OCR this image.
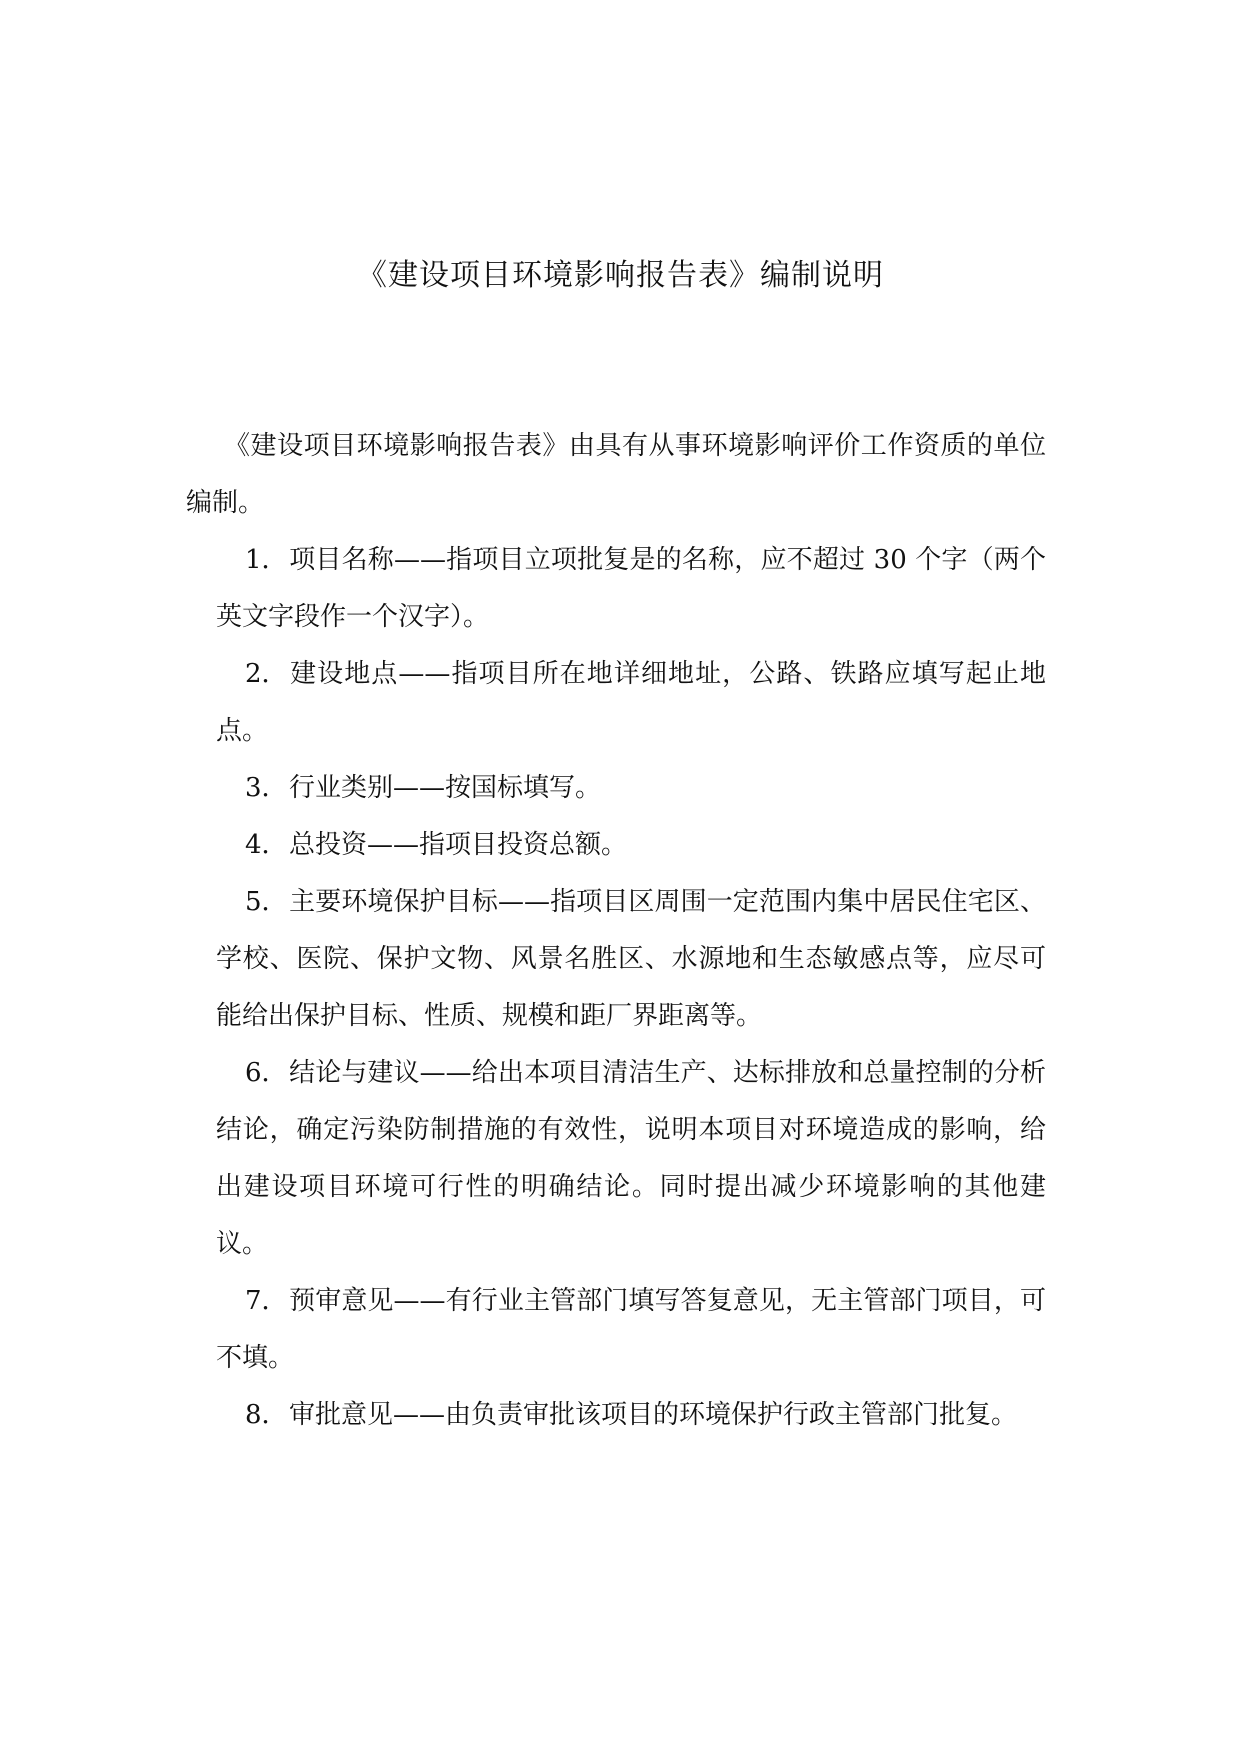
《建设项目环境影响报告表》编制说明

《建设项目环境影响报告表》由具有从事环境影响评价工作资质的单位编制。

1．项目名称——指项目立项批复是的名称，应不超过 30 个字（两个英文字段作一个汉字）。

2．建设地点——指项目所在地详细地址，公路、铁路应填写起止地点。

3．行业类别——按国标填写。

4．总投资——指项目投资总额。

5．主要环境保护目标——指项目区周围一定范围内集中居民住宅区、学校、医院、保护文物、风景名胜区、水源地和生态敏感点等，应尽可能给出保护目标、性质、规模和距厂界距离等。

6．结论与建议——给出本项目清洁生产、达标排放和总量控制的分析结论，确定污染防制措施的有效性，说明本项目对环境造成的影响，给出建设项目环境可行性的明确结论。同时提出减少环境影响的其他建议。

7．预审意见——有行业主管部门填写答复意见，无主管部门项目，可不填。

8．审批意见——由负责审批该项目的环境保护行政主管部门批复。
